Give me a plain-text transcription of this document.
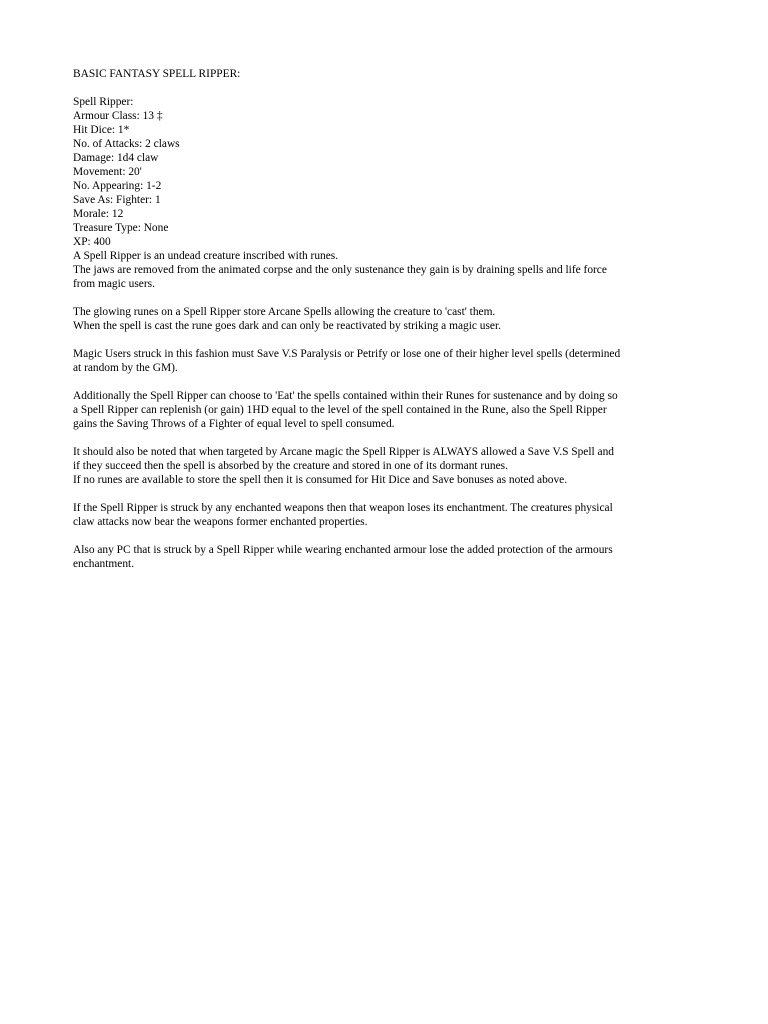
BASIC FANTASY SPELL RIPPER:
Spell Ripper:
Armour Class: 13 ‡
Hit Dice: 1*
No. of Attacks: 2 claws
Damage: 1d4 claw
Movement: 20'
No. Appearing: 1-2
Save As: Fighter: 1
Morale: 12
Treasure Type: None
XP: 400
A Spell Ripper is an undead creature inscribed with runes.
The jaws are removed from the animated corpse and the only sustenance they gain is by draining spells and life force
from magic users.
The glowing runes on a Spell Ripper store Arcane Spells allowing the creature to 'cast' them.
When the spell is cast the rune goes dark and can only be reactivated by striking a magic user.
Magic Users struck in this fashion must Save V.S Paralysis or Petrify or lose one of their higher level spells (determined
at random by the GM).
Additionally the Spell Ripper can choose to 'Eat' the spells contained within their Runes for sustenance and by doing so
a Spell Ripper can replenish (or gain) 1HD equal to the level of the spell contained in the Rune, also the Spell Ripper
gains the Saving Throws of a Fighter of equal level to spell consumed.
It should also be noted that when targeted by Arcane magic the Spell Ripper is ALWAYS allowed a Save V.S Spell and
if they succeed then the spell is absorbed by the creature and stored in one of its dormant runes.
If no runes are available to store the spell then it is consumed for Hit Dice and Save bonuses as noted above.
If the Spell Ripper is struck by any enchanted weapons then that weapon loses its enchantment. The creatures physical
claw attacks now bear the weapons former enchanted properties.
Also any PC that is struck by a Spell Ripper while wearing enchanted armour lose the added protection of the armours
enchantment.
